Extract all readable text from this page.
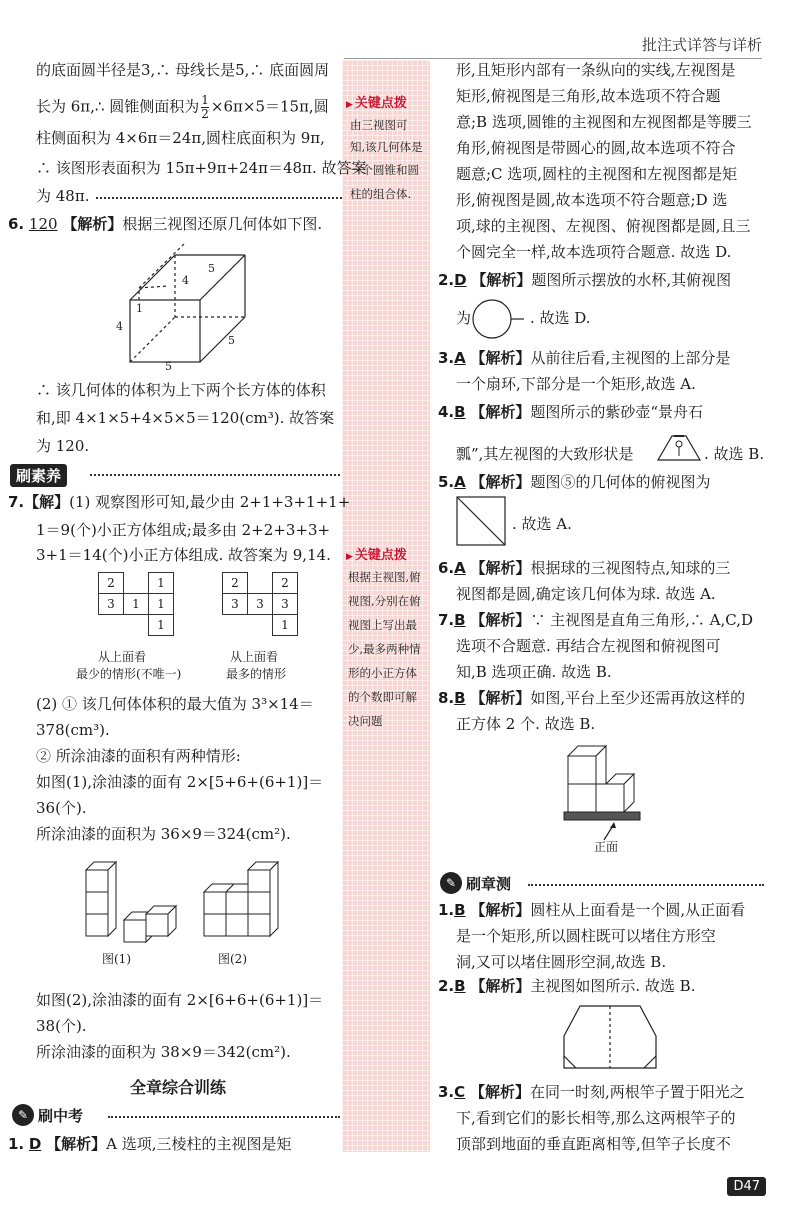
批注式详答与详析
的底面圆半径是3,∴ 母线长是5,∴ 底面圆周
长为 6π,∴ 圆锥侧面积为 $\frac{1}{2} \times 6\pi\times 5=15\pi$,圆
柱侧面积为 4×6π＝24π,圆柱底面积为 9π,
∴ 该图形表面积为 15π+9π+24π＝48π. 故答案
为 48π.
6. 120 【解析】根据三视图还原几何体如下图.
4
5
1
4
5
5
∴ 该几何体的体积为上下两个长方体的体积
和,即 4×1×5+4×5×5＝120(cm³). 故答案
为 120.
刷素养
7.【解】(1) 观察图形可知,最少由 2+1+3+1+1+
1＝9(个)小正方体组成;最多由 2+2+3+3+
3+1＝14(个)小正方体组成. 故答案为 9,14.
2		1
3	1	1
		1
2		2
3	3	3
		1
从上面看
最少的情形(不唯一)
从上面看
最多的情形
(2) ① 该几何体体积的最大值为 3³×14＝
378(cm³).
② 所涂油漆的面积有两种情形:
如图(1),涂油漆的面有 2×[5+6+(6+1)]＝
36(个).
所涂油漆的面积为 36×9＝324(cm²).
图(1)	图(2)
如图(2),涂油漆的面有 2×[6+6+(6+1)]＝
38(个).
所涂油漆的面积为 38×9＝342(cm²).
全章综合训练
✎ 刷中考
1. D 【解析】A 选项,三棱柱的主视图是矩
▶ 关键点拨
由三视图可
知,该几何体是
一个圆锥和圆
柱的组合体.
▶ 关键点拨
根据主视图,俯
视图,分别在俯
视图上写出最
少,最多两种情
形的小正方体
的个数即可解
决问题
形,且矩形内部有一条纵向的实线,左视图是
矩形,俯视图是三角形,故本选项不符合题
意;B 选项,圆锥的主视图和左视图都是等腰三
角形,俯视图是带圆心的圆,故本选项不符合
题意;C 选项,圆柱的主视图和左视图都是矩
形,俯视图是圆,故本选项不符合题意;D 选
项,球的主视图、左视图、俯视图都是圆,且三
个圆完全一样,故本选项符合题意. 故选 D.
2.D 【解析】题图所示摆放的水杯,其俯视图
为	. 故选 D.
3.A 【解析】从前往后看,主视图的上部分是
一个扇环,下部分是一个矩形,故选 A.
4.B 【解析】题图所示的紫砂壶“景舟石
瓢”,其左视图的大致形状是	. 故选 B.
5.A 【解析】题图⑤的几何体的俯视图为
. 故选 A.
6.A 【解析】根据球的三视图特点,知球的三
视图都是圆,确定该几何体为球. 故选 A.
7.B 【解析】∵ 主视图是直角三角形,∴ A,C,D
选项不合题意. 再结合左视图和俯视图可
知,B 选项正确. 故选 B.
8.B 【解析】如图,平台上至少还需再放这样的
正方体 2 个. 故选 B.
正面
✎ 刷章测
1.B 【解析】圆柱从上面看是一个圆,从正面看
是一个矩形,所以圆柱既可以堵住方形空
洞,又可以堵住圆形空洞,故选 B.
2.B 【解析】主视图如图所示. 故选 B.
3.C 【解析】在同一时刻,两根竿子置于阳光之
下,看到它们的影长相等,那么这两根竿子的
顶部到地面的垂直距离相等,但竿子长度不
D47
